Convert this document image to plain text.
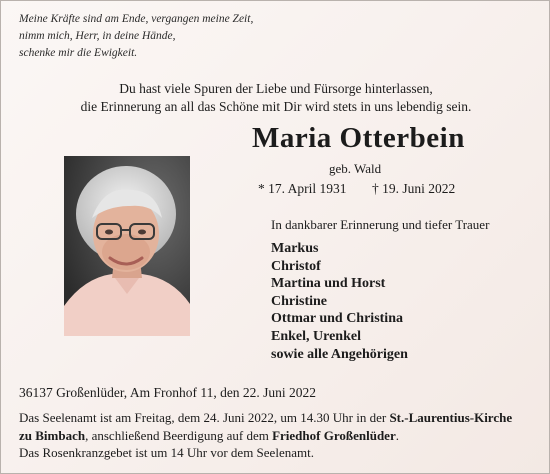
Meine Kräfte sind am Ende, vergangen meine Zeit,
nimm mich, Herr, in deine Hände,
schenke mir die Ewigkeit.
Du hast viele Spuren der Liebe und Fürsorge hinterlassen,
die Erinnerung an all das Schöne mit Dir wird stets in uns lebendig sein.
Maria Otterbein
geb. Wald
* 17. April 1931 † 19. Juni 2022
In dankbarer Erinnerung und tiefer Trauer
Markus
Christof
Martina und Horst
Christine
Ottmar und Christina
Enkel, Urenkel
sowie alle Angehörigen
36137 Großenlüder, Am Fronhof 11, den 22. Juni 2022
Das Seelenamt ist am Freitag, dem 24. Juni 2022, um 14.30 Uhr in der St.-Laurentius-Kirche
zu Bimbach, anschließend Beerdigung auf dem Friedhof Großenlüder.
Das Rosenkranzgebet ist um 14 Uhr vor dem Seelenamt.
